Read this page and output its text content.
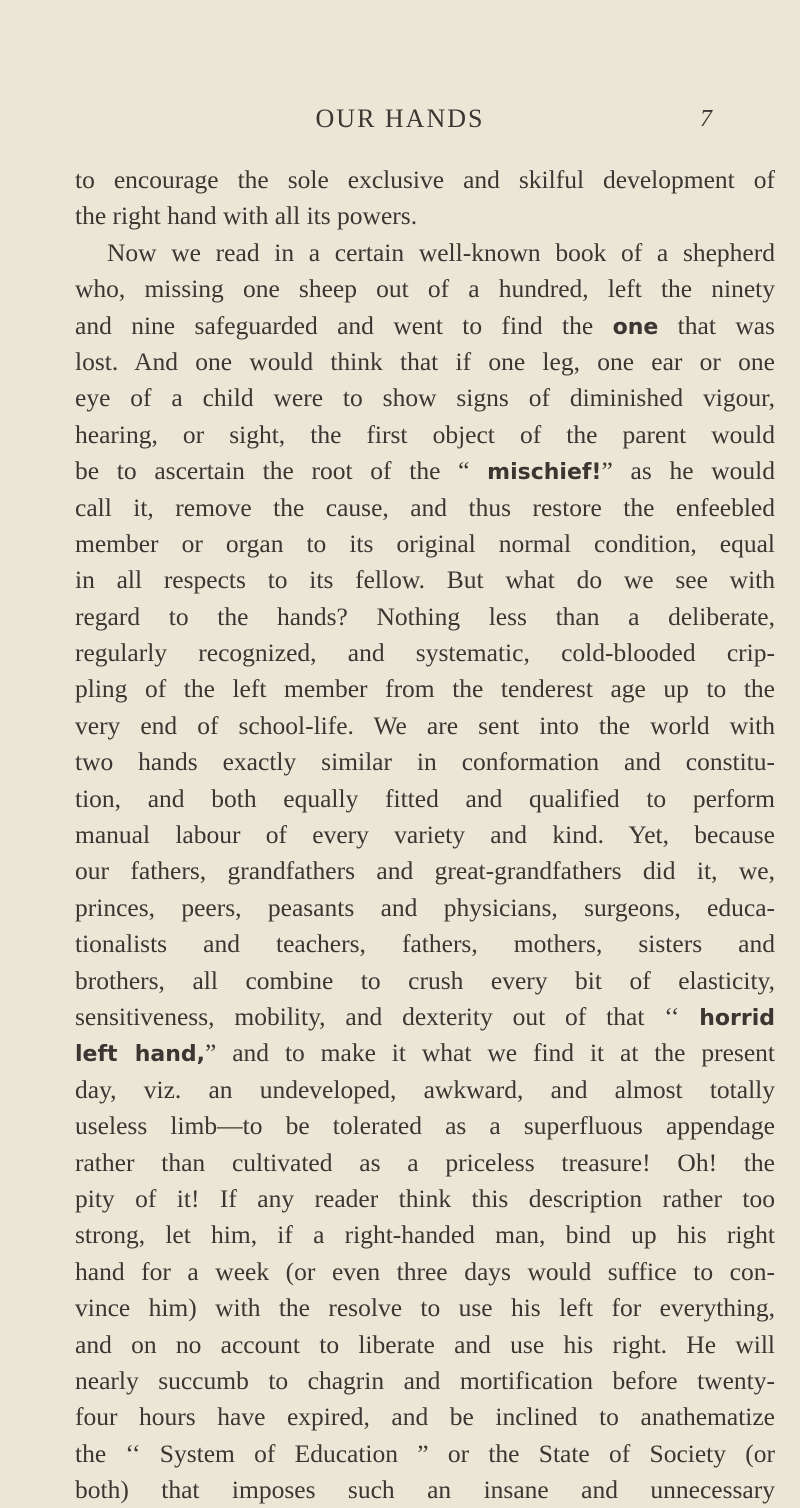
OUR HANDS	7
to encourage the sole exclusive and skilful development of
the right hand with all its powers.
Now we read in a certain well-known book of a shepherd
who, missing one sheep out of a hundred, left the ninety
and nine safeguarded and went to find the one that was
lost. And one would think that if one leg, one ear or one
eye of a child were to show signs of diminished vigour,
hearing, or sight, the first object of the parent would
be to ascertain the root of the “ mischief!” as he would
call it, remove the cause, and thus restore the enfeebled
member or organ to its original normal condition, equal
in all respects to its fellow. But what do we see with
regard to the hands? Nothing less than a deliberate,
regularly recognized, and systematic, cold-blooded crip-
pling of the left member from the tenderest age up to the
very end of school-life. We are sent into the world with
two hands exactly similar in conformation and constitu-
tion, and both equally fitted and qualified to perform
manual labour of every variety and kind. Yet, because
our fathers, grandfathers and great-grandfathers did it, we,
princes, peers, peasants and physicians, surgeons, educa-
tionalists and teachers, fathers, mothers, sisters and
brothers, all combine to crush every bit of elasticity,
sensitiveness, mobility, and dexterity out of that ‘‘ horrid
left hand,” and to make it what we find it at the present
day, viz. an undeveloped, awkward, and almost totally
useless limb—to be tolerated as a superfluous appendage
rather than cultivated as a priceless treasure! Oh! the
pity of it! If any reader think this description rather too
strong, let him, if a right-handed man, bind up his right
hand for a week (or even three days would suffice to con-
vince him) with the resolve to use his left for everything,
and on no account to liberate and use his right. He will
nearly succumb to chagrin and mortification before twenty-
four hours have expired, and be inclined to anathematize
the ‘‘ System of Education ” or the State of Society (or
both) that imposes such an insane and unnecessary
